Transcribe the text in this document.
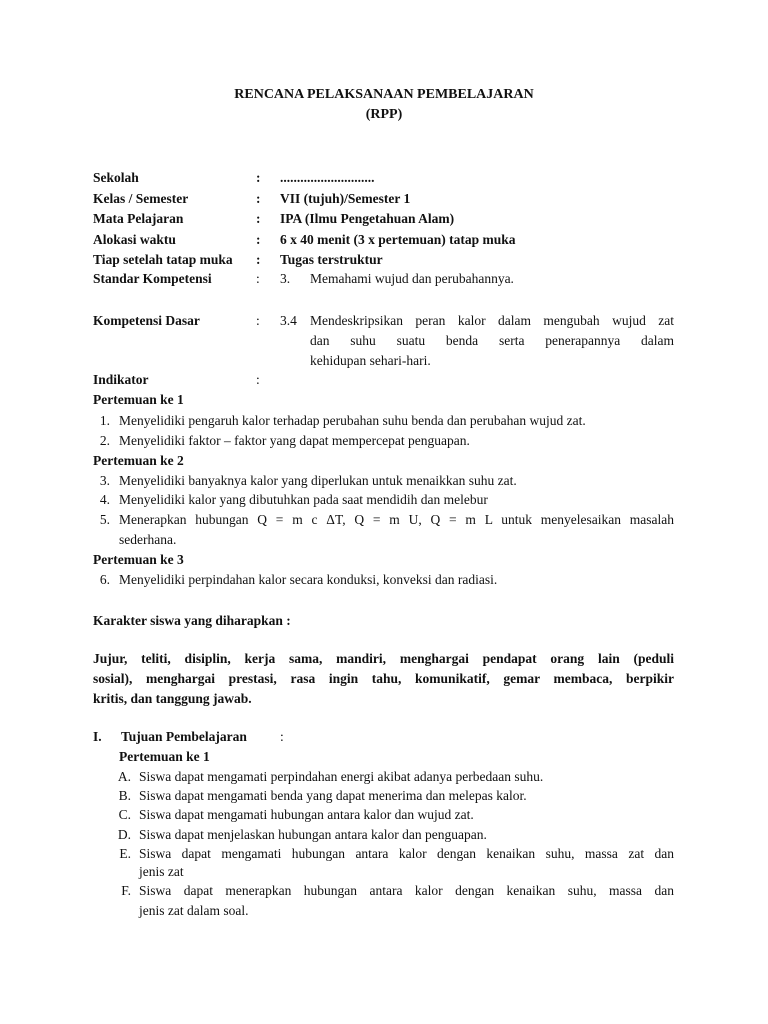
RENCANA PELAKSANAAN PEMBELAJARAN
(RPP)
Sekolah	: ............................
Kelas / Semester	: VII (tujuh)/Semester 1
Mata Pelajaran	: IPA (Ilmu Pengetahuan Alam)
Alokasi waktu	: 6 x 40 menit (3 x pertemuan) tatap muka
Tiap setelah tatap muka : Tugas terstruktur
Standar Kompetensi	: 3. Memahami wujud dan perubahannya.
Kompetensi Dasar	: 3.4 Mendeskripsikan peran kalor dalam mengubah wujud zat
dan suhu suatu benda serta penerapannya dalam
kehidupan sehari-hari.
Indikator	:
Pertemuan ke 1
1. Menyelidiki pengaruh kalor terhadap perubahan suhu benda dan perubahan wujud zat.
2. Menyelidiki faktor – faktor yang dapat mempercepat penguapan.
Pertemuan ke 2
3. Menyelidiki banyaknya kalor yang diperlukan untuk menaikkan suhu zat.
4. Menyelidiki kalor yang dibutuhkan pada saat mendidih dan melebur
5. Menerapkan hubungan Q = m c ΔT, Q = m U, Q = m L untuk menyelesaikan masalah
sederhana.
Pertemuan ke 3
6. Menyelidiki perpindahan kalor secara konduksi, konveksi dan radiasi.
Karakter siswa yang diharapkan :
Jujur, teliti, disiplin, kerja sama, mandiri, menghargai pendapat orang lain (peduli
sosial), menghargai prestasi, rasa ingin tahu, komunikatif, gemar membaca, berpikir
kritis, dan tanggung jawab.
I. Tujuan Pembelajaran :
Pertemuan ke 1
A. Siswa dapat mengamati perpindahan energi akibat adanya perbedaan suhu.
B. Siswa dapat mengamati benda yang dapat menerima dan melepas kalor.
C. Siswa dapat mengamati hubungan antara kalor dan wujud zat.
D. Siswa dapat menjelaskan hubungan antara kalor dan penguapan.
E. Siswa dapat mengamati hubungan antara kalor dengan kenaikan suhu, massa zat dan
jenis zat
F. Siswa dapat menerapkan hubungan antara kalor dengan kenaikan suhu, massa dan
jenis zat dalam soal.
